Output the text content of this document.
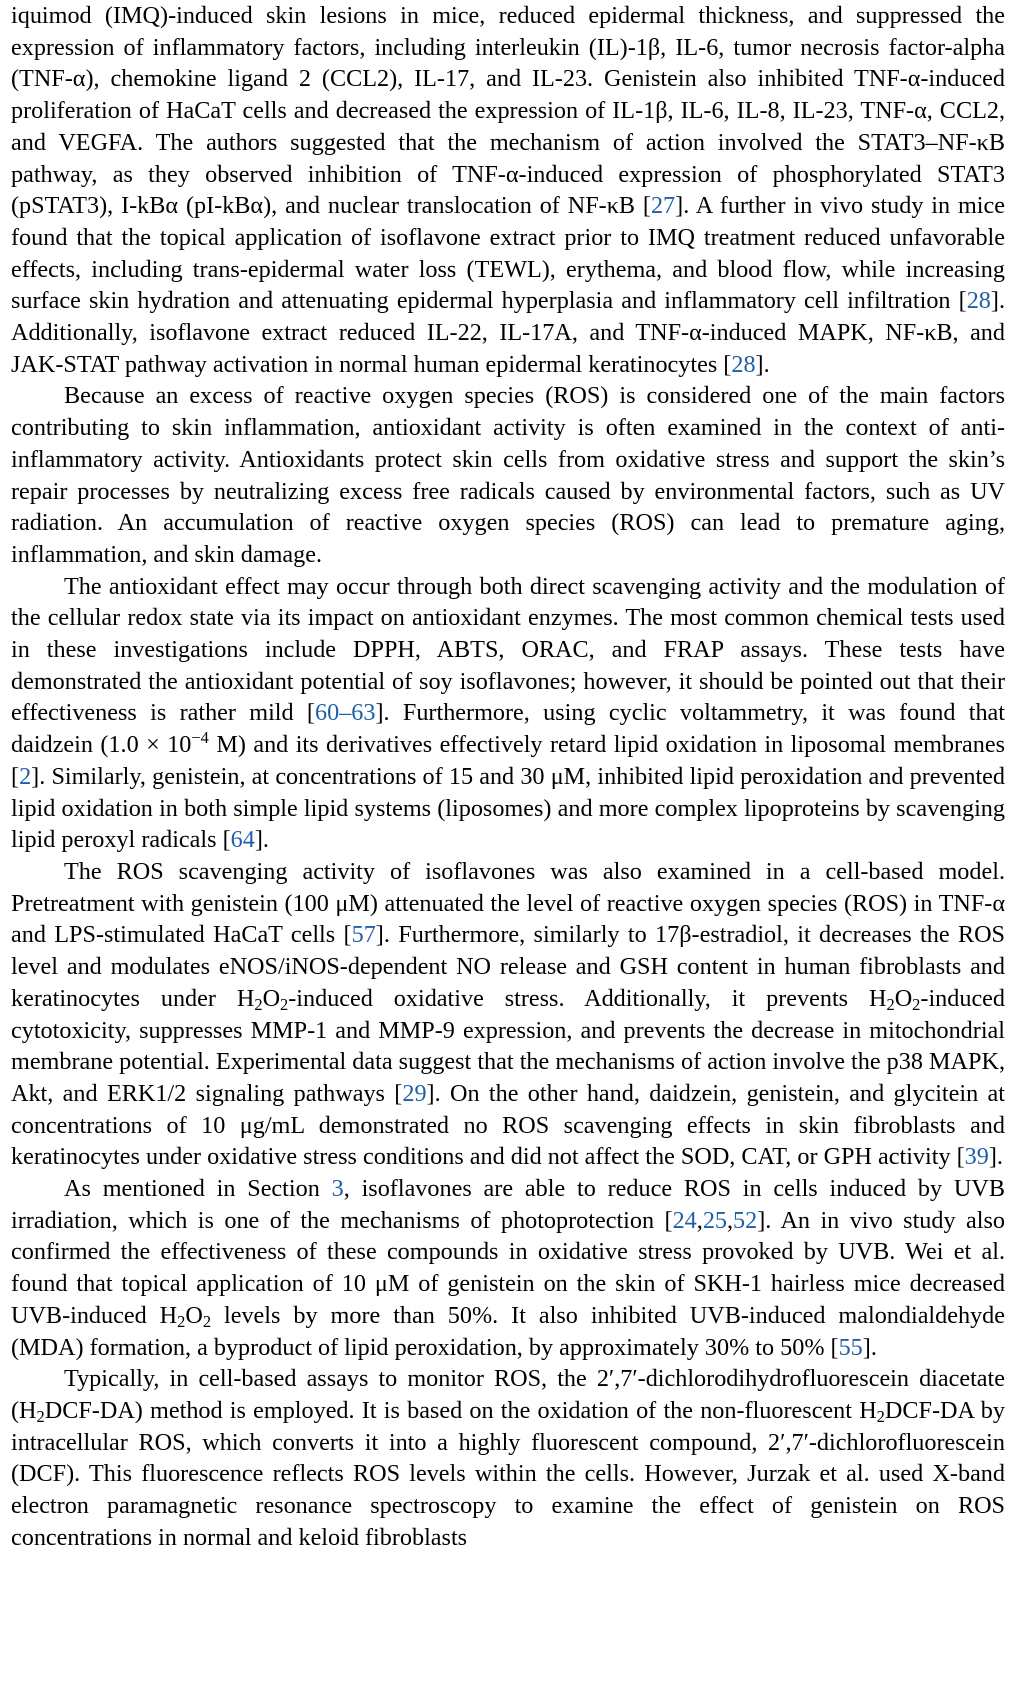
iquimod (IMQ)-induced skin lesions in mice, reduced epidermal thickness, and suppressed the expression of inflammatory factors, including interleukin (IL)-1β, IL-6, tumor necrosis factor-alpha (TNF-α), chemokine ligand 2 (CCL2), IL-17, and IL-23. Genistein also inhibited TNF-α-induced proliferation of HaCaT cells and decreased the expression of IL-1β, IL-6, IL-8, IL-23, TNF-α, CCL2, and VEGFA. The authors suggested that the mechanism of action involved the STAT3–NF-κB pathway, as they observed inhibition of TNF-α-induced expression of phosphorylated STAT3 (pSTAT3), I-kBα (pI-kBα), and nuclear translocation of NF-κB [27]. A further in vivo study in mice found that the topical application of isoflavone extract prior to IMQ treatment reduced unfavorable effects, including trans-epidermal water loss (TEWL), erythema, and blood flow, while increasing surface skin hydration and attenuating epidermal hyperplasia and inflammatory cell infiltration [28]. Additionally, isoflavone extract reduced IL-22, IL-17A, and TNF-α-induced MAPK, NF-κB, and JAK-STAT pathway activation in normal human epidermal keratinocytes [28].

Because an excess of reactive oxygen species (ROS) is considered one of the main factors contributing to skin inflammation, antioxidant activity is often examined in the context of anti-inflammatory activity. Antioxidants protect skin cells from oxidative stress and support the skin’s repair processes by neutralizing excess free radicals caused by environmental factors, such as UV radiation. An accumulation of reactive oxygen species (ROS) can lead to premature aging, inflammation, and skin damage.

The antioxidant effect may occur through both direct scavenging activity and the modulation of the cellular redox state via its impact on antioxidant enzymes. The most common chemical tests used in these investigations include DPPH, ABTS, ORAC, and FRAP assays. These tests have demonstrated the antioxidant potential of soy isoflavones; however, it should be pointed out that their effectiveness is rather mild [60–63]. Furthermore, using cyclic voltammetry, it was found that daidzein ($1.0 \times 10^{-4}$ M) and its derivatives effectively retard lipid oxidation in liposomal membranes [2]. Similarly, genistein, at concentrations of 15 and 30 μM, inhibited lipid peroxidation and prevented lipid oxidation in both simple lipid systems (liposomes) and more complex lipoproteins by scavenging lipid peroxyl radicals [64].

The ROS scavenging activity of isoflavones was also examined in a cell-based model. Pretreatment with genistein (100 μM) attenuated the level of reactive oxygen species (ROS) in TNF-α and LPS-stimulated HaCaT cells [57]. Furthermore, similarly to 17β-estradiol, it decreases the ROS level and modulates eNOS/iNOS-dependent NO release and GSH content in human fibroblasts and keratinocytes under $H_2O_2$-induced oxidative stress. Additionally, it prevents $H_2O_2$-induced cytotoxicity, suppresses MMP-1 and MMP-9 expression, and prevents the decrease in mitochondrial membrane potential. Experimental data suggest that the mechanisms of action involve the p38 MAPK, Akt, and ERK1/2 signaling pathways [29]. On the other hand, daidzein, genistein, and glycitein at concentrations of 10 μg/mL demonstrated no ROS scavenging effects in skin fibroblasts and keratinocytes under oxidative stress conditions and did not affect the SOD, CAT, or GPH activity [39].

As mentioned in Section 3, isoflavones are able to reduce ROS in cells induced by UVB irradiation, which is one of the mechanisms of photoprotection [24,25,52]. An in vivo study also confirmed the effectiveness of these compounds in oxidative stress provoked by UVB. Wei et al. found that topical application of 10 μM of genistein on the skin of SKH-1 hairless mice decreased UVB-induced $H_2O_2$ levels by more than 50%. It also inhibited UVB-induced malondialdehyde (MDA) formation, a byproduct of lipid peroxidation, by approximately 30% to 50% [55].

Typically, in cell-based assays to monitor ROS, the 2′,7′-dichlorodihydrofluorescein diacetate $(H_2DCF-DA)$ method is employed. It is based on the oxidation of the non-fluorescent $H_2DCF-DA$ by intracellular ROS, which converts it into a highly fluorescent compound, 2′,7′-dichlorofluorescein (DCF). This fluorescence reflects ROS levels within the cells. However, Jurzak et al. used X-band electron paramagnetic resonance spectroscopy to examine the effect of genistein on ROS concentrations in normal and keloid fibroblasts
